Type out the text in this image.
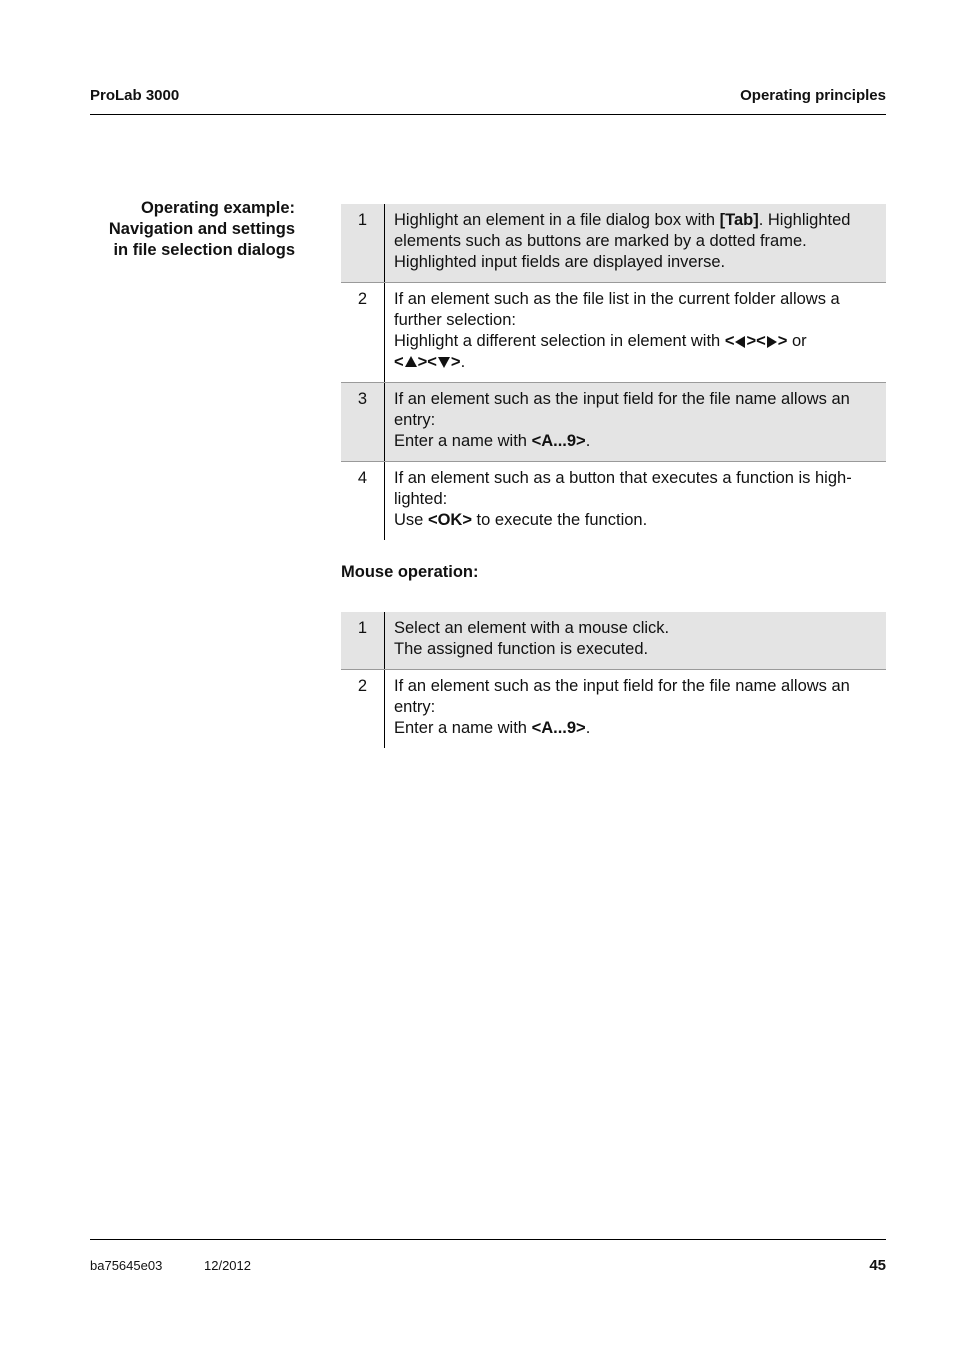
ProLab 3000	Operating principles
Operating example:
Navigation and settings
in file selection dialogs
1	Highlight an element in a file dialog box with [Tab]. Highlighted
elements such as buttons are marked by a dotted frame.
Highlighted input fields are displayed inverse.

2	If an element such as the file list in the current folder allows a
further selection:
Highlight a different selection in element with < >< > or
< >< >.

3	If an element such as the input field for the file name allows an
entry:
Enter a name with <A...9>.

4	If an element such as a button that executes a function is high-
lighted:
Use <OK> to execute the function.
Mouse operation:
1	Select an element with a mouse click.
The assigned function is executed.

2	If an element such as the input field for the file name allows an
entry:
Enter a name with <A...9>.
ba75645e03	12/2012	45
